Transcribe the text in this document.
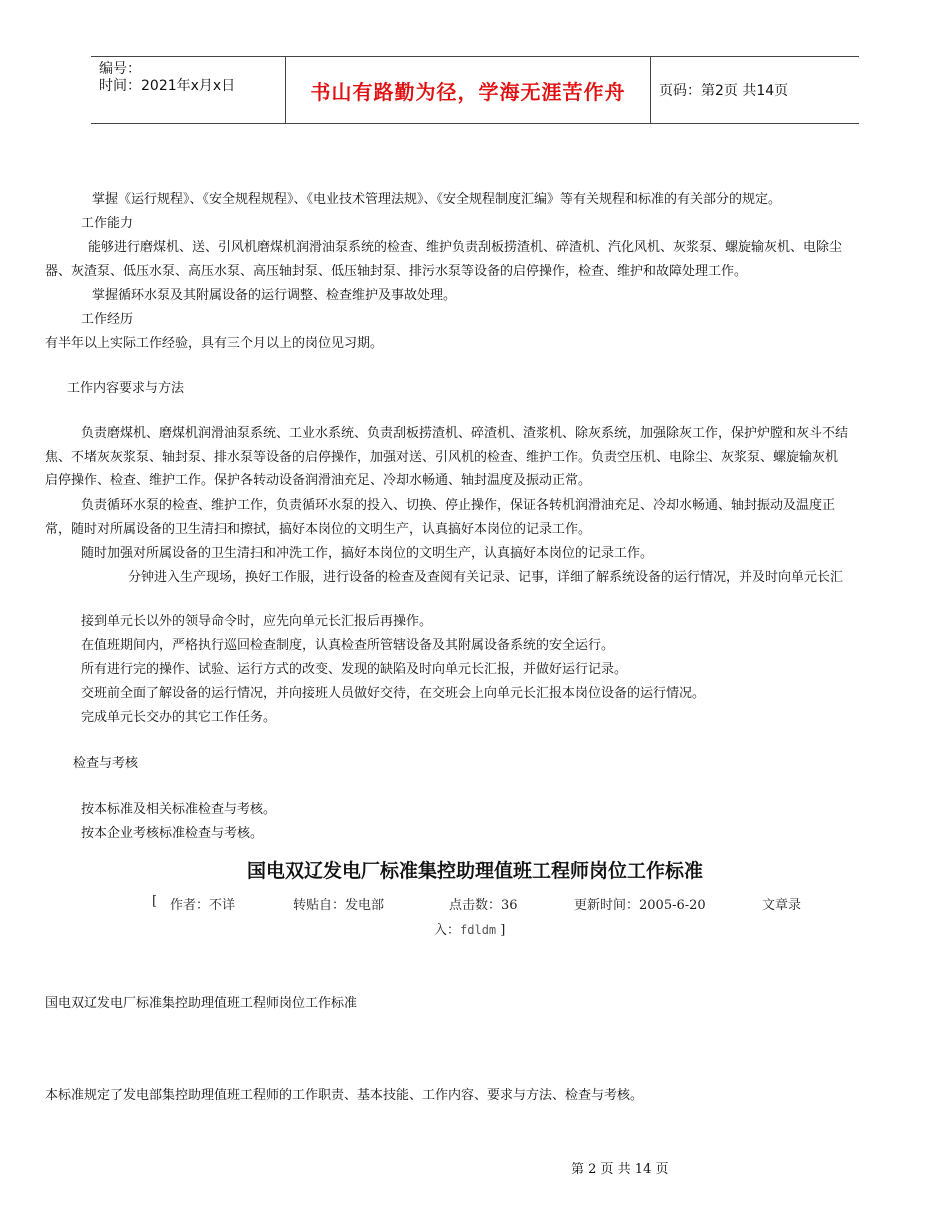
编号：
时间：2021年x月x日	书山有路勤为径，学海无涯苦作舟 页码：第2页 共14页
掌握《运行规程》、《安全规程规程》、《电业技术管理法规》、《安全规程制度汇编》等有关规程和标准的有关部分的规定。
工作能力
能够进行磨煤机、送、引风机磨煤机润滑油泵系统的检查、维护负责刮板捞渣机、碎渣机、汽化风机、灰浆泵、螺旋输灰机、电除尘
器、灰渣泵、低压水泵、高压水泵、高压轴封泵、低压轴封泵、排污水泵等设备的启停操作，检查、维护和故障处理工作。
掌握循环水泵及其附属设备的运行调整、检查维护及事故处理。
工作经历
有半年以上实际工作经验，具有三个月以上的岗位见习期。
工作内容要求与方法
负责磨煤机、磨煤机润滑油泵系统、工业水系统、负责刮板捞渣机、碎渣机、渣浆机、除灰系统，加强除灰工作，保护炉膛和灰斗不结
焦、不堵灰灰浆泵、轴封泵、排水泵等设备的启停操作，加强对送、引风机的检查、维护工作。负责空压机、电除尘、灰浆泵、螺旋输灰机
启停操作、检查、维护工作。保护各转动设备润滑油充足、冷却水畅通、轴封温度及振动正常。
负责循环水泵的检查、维护工作，负责循环水泵的投入、切换、停止操作，保证各转机润滑油充足、冷却水畅通、轴封振动及温度正
常，随时对所属设备的卫生清扫和擦拭，搞好本岗位的文明生产，认真搞好本岗位的记录工作。
随时加强对所属设备的卫生清扫和冲洗工作，搞好本岗位的文明生产，认真搞好本岗位的记录工作。
分钟进入生产现场，换好工作服，进行设备的检查及查阅有关记录、记事，详细了解系统设备的运行情况，并及时向单元长汇
接到单元长以外的领导命令时，应先向单元长汇报后再操作。
在值班期间内，严格执行巡回检查制度，认真检查所管辖设备及其附属设备系统的安全运行。
所有进行完的操作、试验、运行方式的改变、发现的缺陷及时向单元长汇报，并做好运行记录。
交班前全面了解设备的运行情况，并向接班人员做好交待，在交班会上向单元长汇报本岗位设备的运行情况。
完成单元长交办的其它工作任务。
检查与考核
按本标准及相关标准检查与考核。
按本企业考核标准检查与考核。
国电双辽发电厂标准集控助理值班工程师岗位工作标准
[ 作者：不详	转贴自：发电部	点击数：36	更新时间：2005-6-20	文章录
入：fdldm ]
国电双辽发电厂标准集控助理值班工程师岗位工作标准
本标准规定了发电部集控助理值班工程师的工作职责、基本技能、工作内容、要求与方法、检查与考核。
第 2 页 共 14 页
